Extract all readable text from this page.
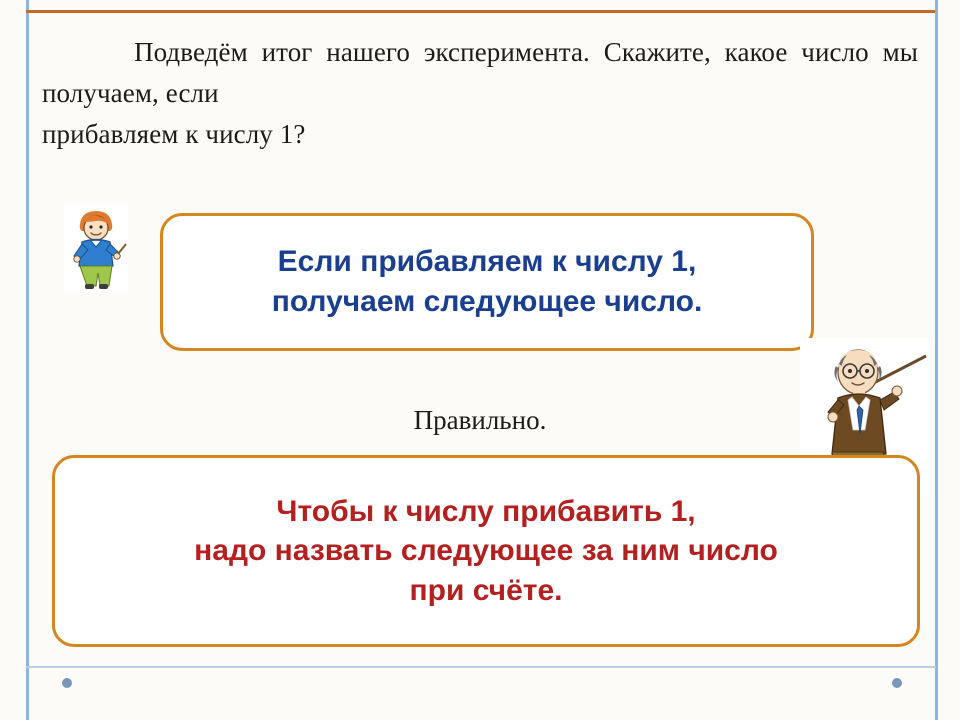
Подведём итог нашего эксперимента. Скажите, какое число мы получаем, если
прибавляем к числу 1?
Если прибавляем к числу 1,
получаем следующее число.
Правильно.
Чтобы к числу прибавить 1,
надо назвать следующее за ним число
при счёте.
